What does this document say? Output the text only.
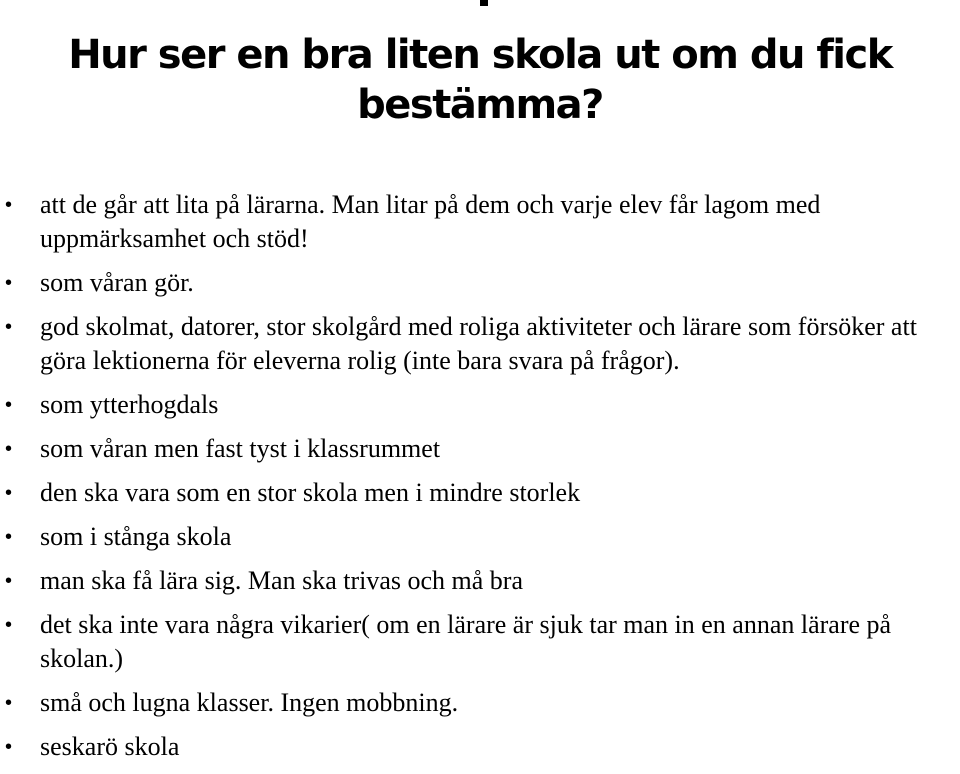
Hur ser en bra liten skola ut om du fick bestämma?
• att de går att lita på lärarna. Man litar på dem och varje elev får lagom med uppmärksamhet och stöd!
• som våran gör.
• god skolmat, datorer, stor skolgård med roliga aktiviteter och lärare som försöker att göra lektionerna för eleverna rolig (inte bara svara på frågor).
• som ytterhogdals
• som våran men fast tyst i klassrummet
• den ska vara som en stor skola men i mindre storlek
• som i stånga skola
• man ska få lära sig. Man ska trivas och må bra
• det ska inte vara några vikarier( om en lärare är sjuk tar man in en annan lärare på skolan.)
• små och lugna klasser. Ingen mobbning.
• seskarö skola
